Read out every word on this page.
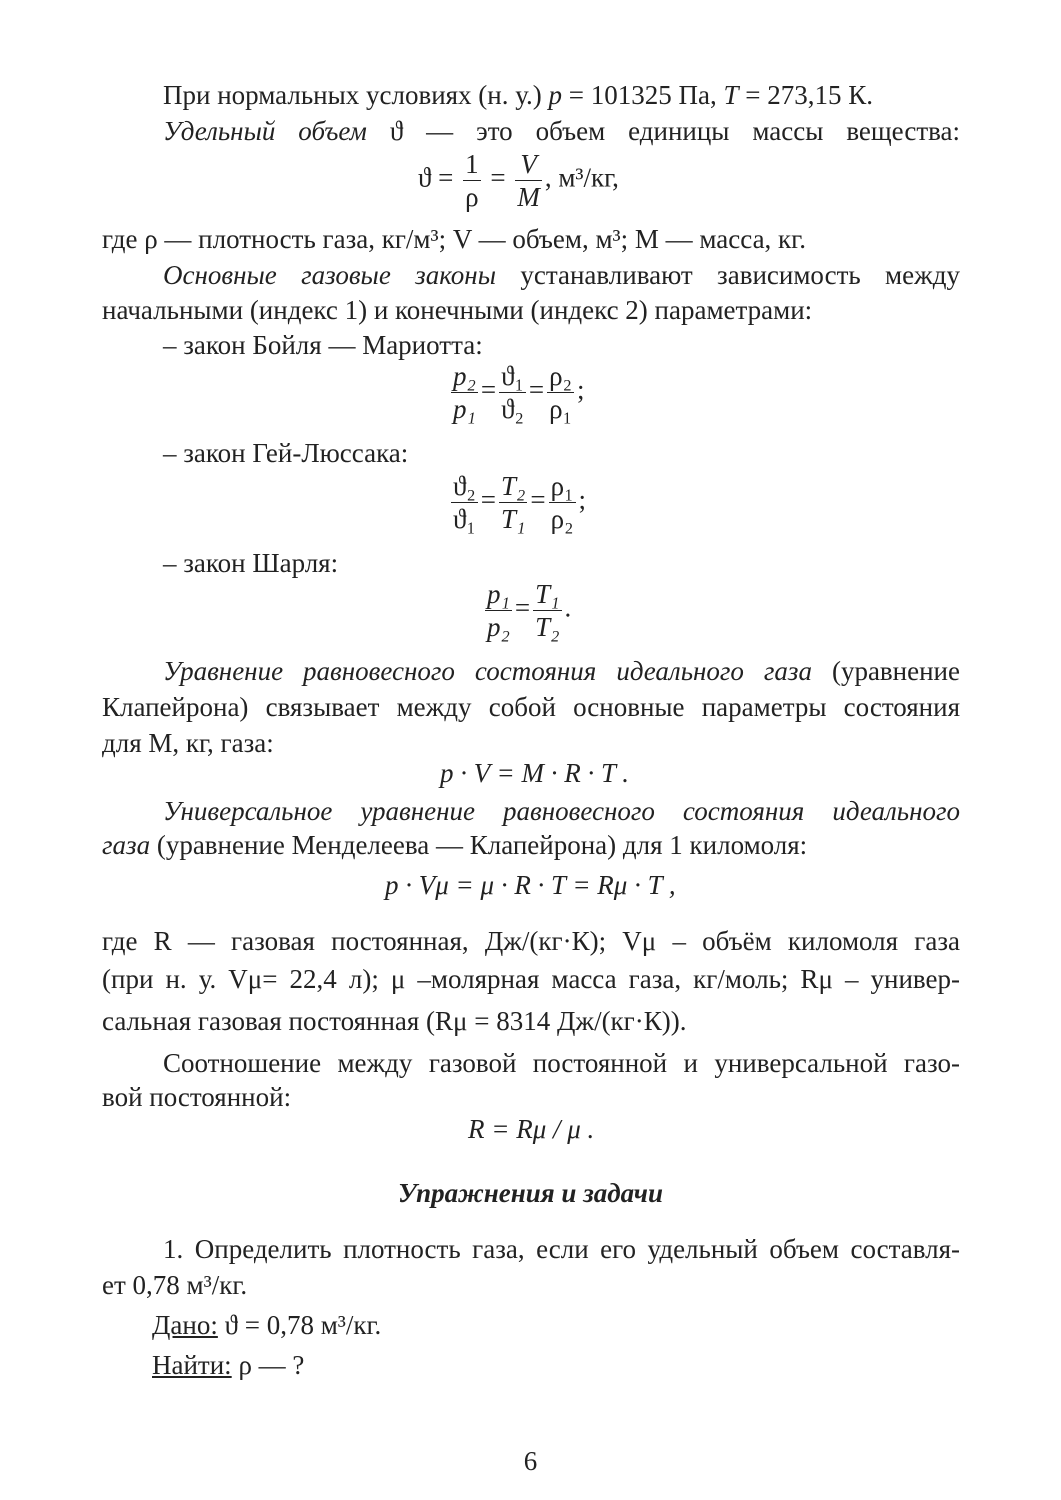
При нормальных условиях (н. у.) p = 101325 Па, T = 273,15 К.
Удельный объем ϑ — это объем единицы массы вещества:
$ϑ = \frac{1}{\rho} = \frac{V}{M}$ , м³/кг,
где ρ — плотность газа, кг/м³; V — объем, м³; M — масса, кг.
Основные газовые законы устанавливают зависимость между
начальными (индекс 1) и конечными (индекс 2) параметрами:
– закон Бойля — Мариотта:
$\frac{\text{p₂}}{\text{p₁}} = \frac{\text{ϑ₁}}{\text{ϑ₂}} = \frac{\text{ρ₂}}{\text{ρ₁}}$ ;
– закон Гей-Люссака:
$\frac{\text{ϑ₂}}{\text{ϑ₁}} = \frac{\text{T₂}}{\text{T₁}} = \frac{\text{ρ₁}}{\text{ρ₂}}$ ;
– закон Шарля:
$\frac{\text{p₁}}{\text{p₂}} = \frac{\text{T₁}}{\text{T₂}}$ .
Уравнение равновесного состояния идеального газа (уравнение
Клапейрона) связывает между собой основные параметры состояния
для M, кг, газа:
p · V = M · R · T .
Универсальное уравнение равновесного состояния идеального
газа (уравнение Менделеева — Клапейрона) для 1 киломоля:
p · Vμ = μ · R · T = Rμ · T ,
где R — газовая постоянная, Дж/(кг·К); Vμ – объём киломоля газа
(при н. у. Vμ= 22,4 л); μ –молярная масса газа, кг/моль; Rμ – универ-
сальная газовая постоянная (Rμ = 8314 Дж/(кг·К)).
Соотношение между газовой постоянной и универсальной газо-
вой постоянной:
R = Rμ / μ .
Упражнения и задачи
1. Определить плотность газа, если его удельный объем составля-
ет 0,78 м³/кг.
Дано: ϑ = 0,78 м³/кг.
Найти: ρ — ?
6
